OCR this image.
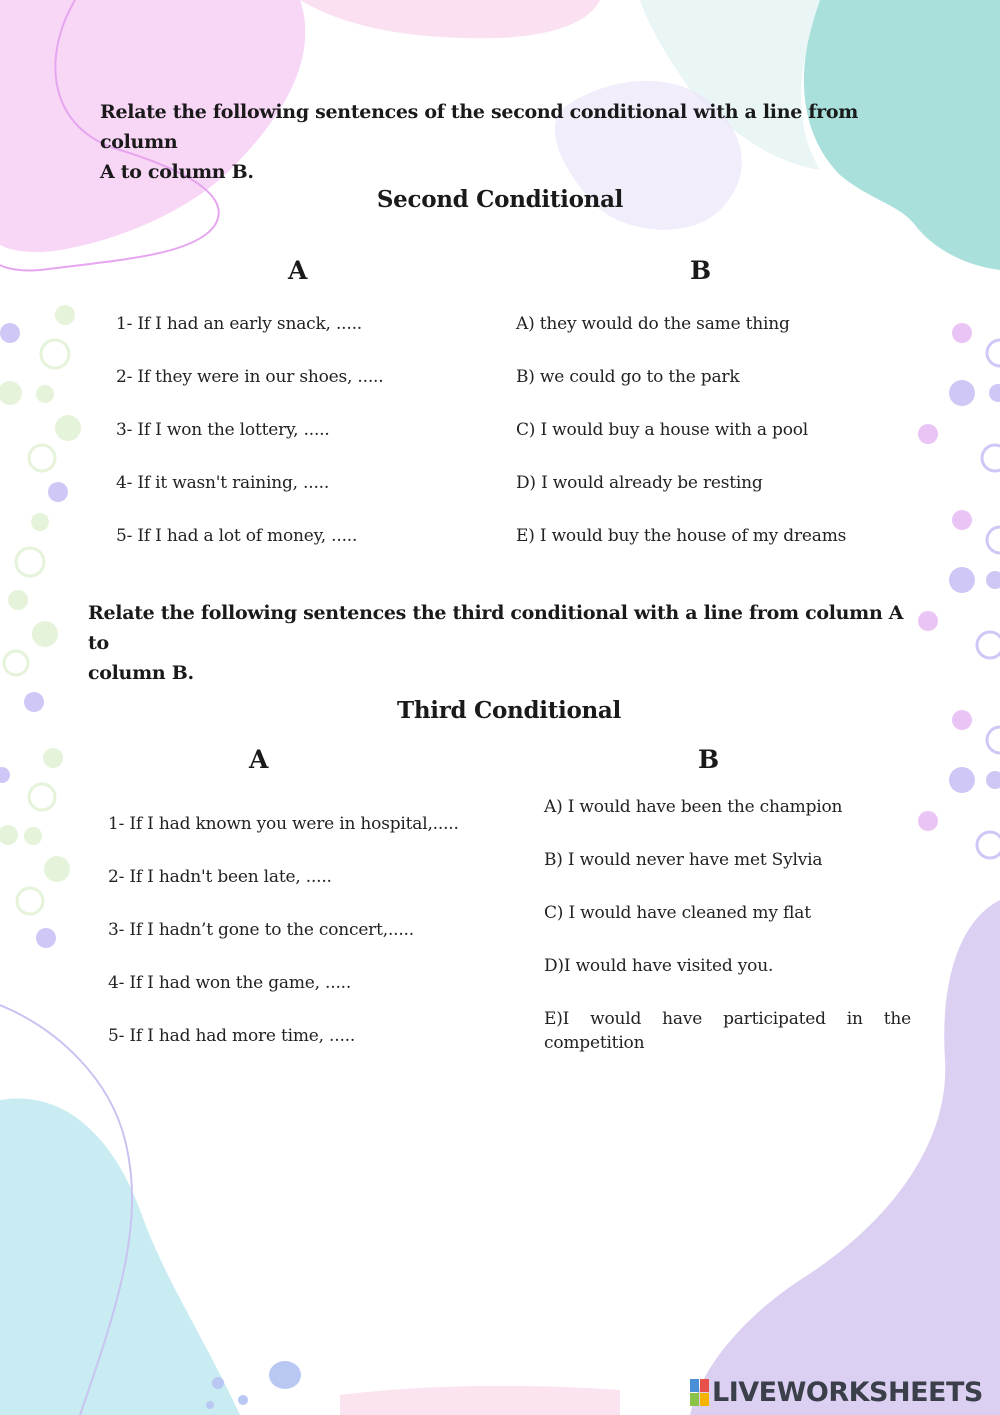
Relate the following sentences of the second conditional with a line from column
A to column B.
Second Conditional
A	B
1- If I had an early snack, .....
2- If they were in our shoes, .....
3- If I won the lottery, .....
4- If it wasn't raining, .....
5- If I had a lot of money, .....
A) they would do the same thing
B) we could go to the park
C) I would buy a house with a pool
D) I would already be resting
E) I would buy the house of my dreams
Relate the following sentences the third conditional with a line from column A to
column B.
Third Conditional
A	B
1- If I had known you were in hospital,.....
2- If I hadn't been late, .....
3- If I hadn’t gone to the concert,.....
4- If I had won the game, .....
5- If I had had more time, .....
A) I would have been the champion
B) I would never have met Sylvia
C) I would have cleaned my flat
D)I would have visited you.
E)I would have participated in the
competition
LIVEWORKSHEETS
